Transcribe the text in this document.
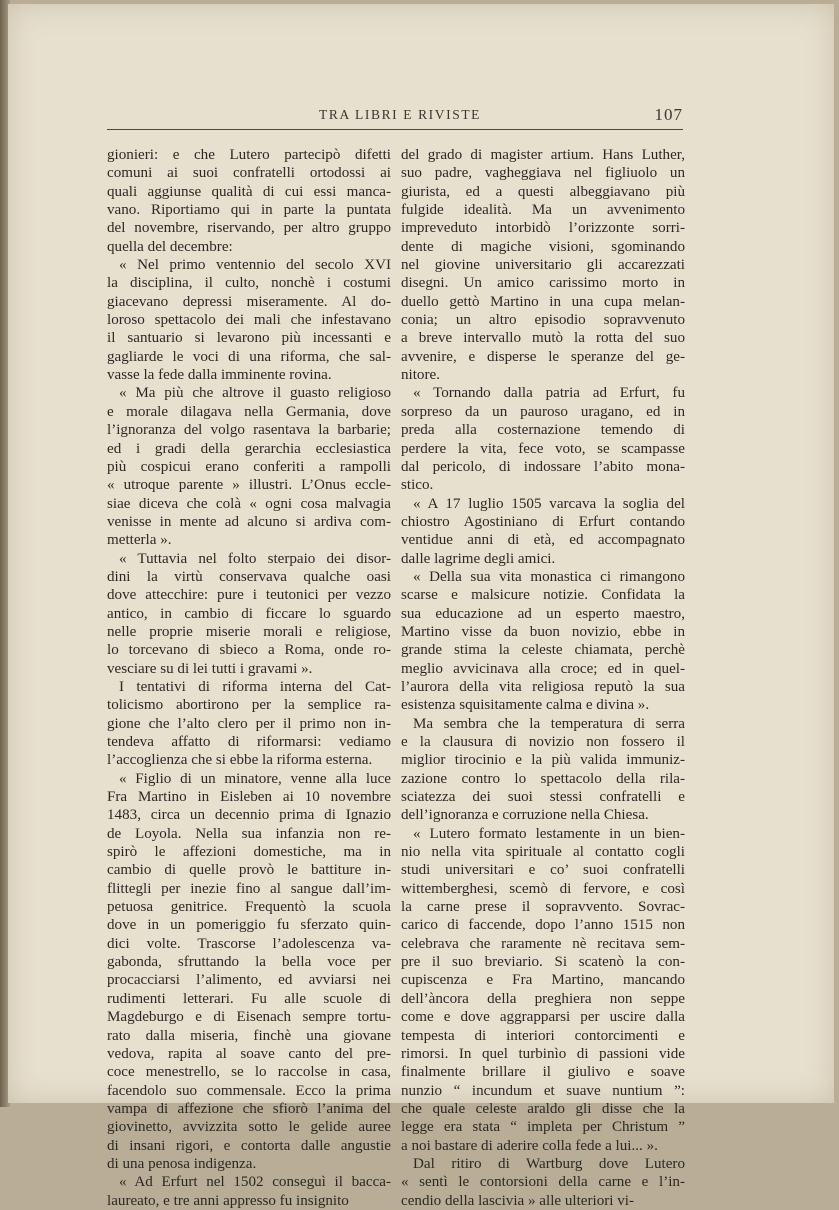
TRA LIBRI E RIVISTE	107
gionieri: e che Lutero partecipò difetti
comuni ai suoi confratelli ortodossi ai
quali aggiunse qualità di cui essi manca-
vano. Riportiamo qui in parte la puntata
del novembre, riservando, per altro gruppo
quella del decembre:
« Nel primo ventennio del secolo XVI
la disciplina, il culto, nonchè i costumi
giacevano depressi miseramente. Al do-
loroso spettacolo dei mali che infestavano
il santuario si levarono più incessanti e
gagliarde le voci di una riforma, che sal-
vasse la fede dalla imminente rovina.
« Ma più che altrove il guasto religioso
e morale dilagava nella Germania, dove
l’ignoranza del volgo rasentava la barbarie;
ed i gradi della gerarchia ecclesiastica
più cospicui erano conferiti a rampolli
« utroque parente » illustri. L’Onus eccle-
siae diceva che colà « ogni cosa malvagia
venisse in mente ad alcuno si ardiva com-
metterla ».
« Tuttavia nel folto sterpaio dei disor-
dini la virtù conservava qualche oasi
dove attecchire: pure i teutonici per vezzo
antico, in cambio di ficcare lo sguardo
nelle proprie miserie morali e religiose,
lo torcevano di sbieco a Roma, onde ro-
vesciare su di lei tutti i gravami ».
I tentativi di riforma interna del Cat-
tolicismo abortirono per la semplice ra-
gione che l’alto clero per il primo non in-
tendeva affatto di riformarsi: vediamo
l’accoglienza che si ebbe la riforma esterna.
« Figlio di un minatore, venne alla luce
Fra Martino in Eisleben ai 10 novembre
1483, circa un decennio prima di Ignazio
de Loyola. Nella sua infanzia non re-
spirò le affezioni domestiche, ma in
cambio di quelle provò le battiture in-
flittegli per inezie fino al sangue dall’im-
petuosa genitrice. Frequentò la scuola
dove in un pomeriggio fu sferzato quin-
dici volte. Trascorse l’adolescenza va-
gabonda, sfruttando la bella voce per
procacciarsi l’alimento, ed avviarsi nei
rudimenti letterari. Fu alle scuole di
Magdeburgo e di Eisenach sempre tortu-
rato dalla miseria, finchè una giovane
vedova, rapita al soave canto del pre-
coce menestrello, se lo raccolse in casa,
facendolo suo commensale. Ecco la prima
vampa di affezione che sfiorò l’anima del
giovinetto, avvizzita sotto le gelide auree
di insani rigori, e contorta dalle angustie
di una penosa indigenza.
« Ad Erfurt nel 1502 conseguì il bacca-
laureato, e tre anni appresso fu insignito
del grado di magister artium. Hans Luther,
suo padre, vagheggiava nel figliuolo un
giurista, ed a questi albeggiavano più
fulgide idealità. Ma un avvenimento
impreveduto intorbidò l’orizzonte sorri-
dente di magiche visioni, sgominando
nel giovine universitario gli accarezzati
disegni. Un amico carissimo morto in
duello gettò Martino in una cupa melan-
conia; un altro episodio sopravvenuto
a breve intervallo mutò la rotta del suo
avvenire, e disperse le speranze del ge-
nitore.
« Tornando dalla patria ad Erfurt, fu
sorpreso da un pauroso uragano, ed in
preda alla costernazione temendo di
perdere la vita, fece voto, se scampasse
dal pericolo, di indossare l’abito mona-
stico.
« A 17 luglio 1505 varcava la soglia del
chiostro Agostiniano di Erfurt contando
ventidue anni di età, ed accompagnato
dalle lagrime degli amici.
« Della sua vita monastica ci rimangono
scarse e malsicure notizie. Confidata la
sua educazione ad un esperto maestro,
Martino visse da buon novizio, ebbe in
grande stima la celeste chiamata, perchè
meglio avvicinava alla croce; ed in quel-
l’aurora della vita religiosa reputò la sua
esistenza squisitamente calma e divina ».
Ma sembra che la temperatura di serra
e la clausura di novizio non fossero il
miglior tirocinio e la più valida immuniz-
zazione contro lo spettacolo della rila-
sciatezza dei suoi stessi confratelli e
dell’ignoranza e corruzione nella Chiesa.
« Lutero formato lestamente in un bien-
nio nella vita spirituale al contatto cogli
studi universitari e co’ suoi confratelli
wittemberghesi, scemò di fervore, e così
la carne prese il sopravvento. Sovrac-
carico di faccende, dopo l’anno 1515 non
celebrava che raramente nè recitava sem-
pre il suo breviario. Si scatenò la con-
cupiscenza e Fra Martino, mancando
dell’àncora della preghiera non seppe
come e dove aggrapparsi per uscire dalla
tempesta di interiori contorcimenti e
rimorsi. In quel turbinìo di passioni vide
finalmente brillare il giulivo e soave
nunzio “ incundum et suave nuntium ”:
che quale celeste araldo gli disse che la
legge era stata “ impleta per Christum ”
a noi bastare di aderire colla fede a lui... ».
Dal ritiro di Wartburg dove Lutero
« sentì le contorsioni della carne e l’in-
cendio della lascivia » alle ulteriori vi-
